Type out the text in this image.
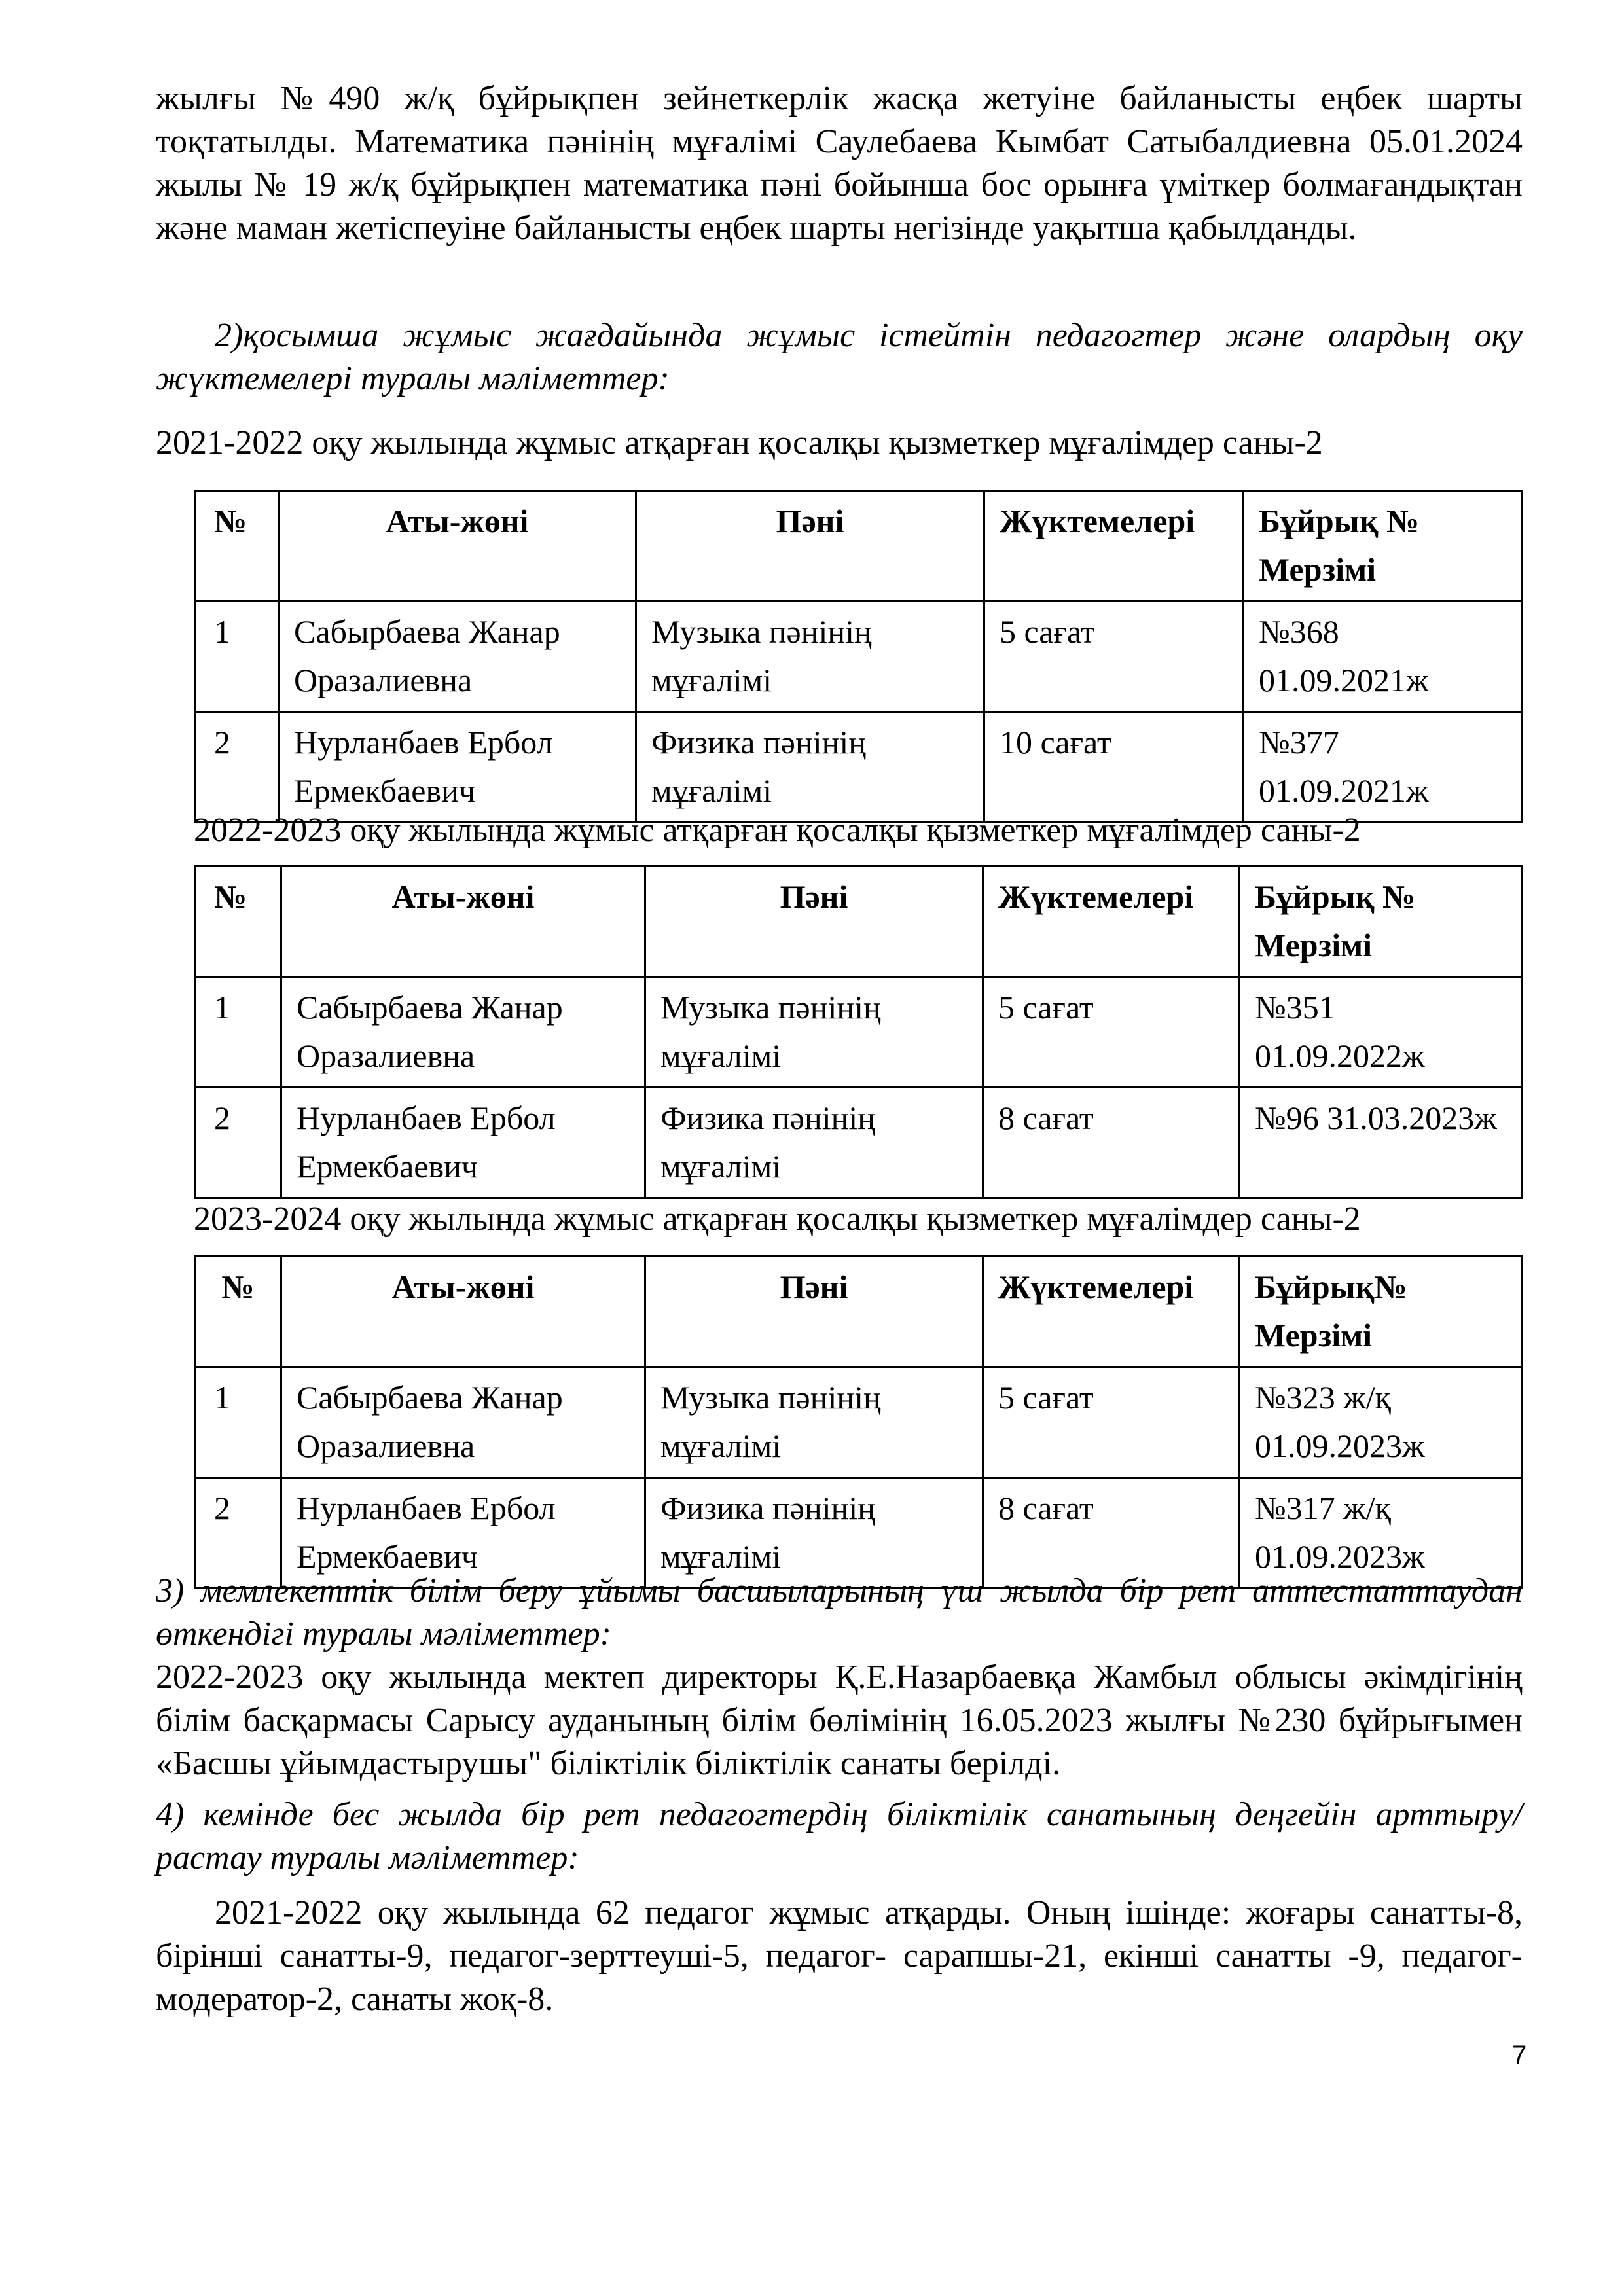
жылғы №490 ж/қ бұйрықпен зейнеткерлік жасқа жетуіне байланысты еңбек шарты тоқтатылды. Математика пәнінің мұғалімі Саулебаева Кымбат Сатыбалдиевна 05.01.2024 жылы № 19 ж/қ бұйрықпен математика пәні бойынша бос орынға үміткер болмағандықтан және маман жетіспеуіне байланысты еңбек шарты негізінде уақытша қабылданды.
2)қосымша жұмыс жағдайында жұмыс істейтін педагогтер және олардың оқу жүктемелері туралы мәліметтер:
2021-2022 оқу жылында жұмыс атқарған қосалқы қызметкер мұғалімдер саны-2
№	Аты-жөні	Пәні	Жүктемелері	Бұйрық № Мерзімі
1	Сабырбаева Жанар Оразалиевна	Музыка пәнінің мұғалімі	5 сағат	№368 01.09.2021ж
2	Нурланбаев Ербол Ермекбаевич	Физика пәнінің мұғалімі	10 сағат	№377 01.09.2021ж
2022-2023 оқу жылында жұмыс атқарған қосалқы қызметкер мұғалімдер саны-2
№	Аты-жөні	Пәні	Жүктемелері	Бұйрық № Мерзімі
1	Сабырбаева Жанар Оразалиевна	Музыка пәнінің мұғалімі	5 сағат	№351 01.09.2022ж
2	Нурланбаев Ербол Ермекбаевич	Физика пәнінің мұғалімі	8 сағат	№96 31.03.2023ж
2023-2024 оқу жылында жұмыс атқарған қосалқы қызметкер мұғалімдер саны-2
№	Аты-жөні	Пәні	Жүктемелері	Бұйрық№ Мерзімі
1	Сабырбаева Жанар Оразалиевна	Музыка пәнінің мұғалімі	5 сағат	№323 ж/қ 01.09.2023ж
2	Нурланбаев Ербол Ермекбаевич	Физика пәнінің мұғалімі	8 сағат	№317 ж/қ 01.09.2023ж
3) мемлекеттік білім беру ұйымы басшыларының үш жылда бір рет аттестаттаудан өткендігі туралы мәліметтер:
2022-2023 оқу жылында мектеп директоры Қ.Е.Назарбаевқа Жамбыл облысы әкімдігінің білім басқармасы Сарысу ауданының білім бөлімінің 16.05.2023 жылғы №230 бұйрығымен «Басшы ұйымдастырушы" біліктілік біліктілік санаты берілді.
4) кемінде бес жылда бір рет педагогтердің біліктілік санатының деңгейін арттыру/растау туралы мәліметтер:
2021-2022 оқу жылында 62 педагог жұмыс атқарды. Оның ішінде: жоғары санатты-8, бірінші санатты-9, педагог-зерттеуші-5, педагог- сарапшы-21, екінші санатты -9, педагог-модератор-2, санаты жоқ-8.
7
